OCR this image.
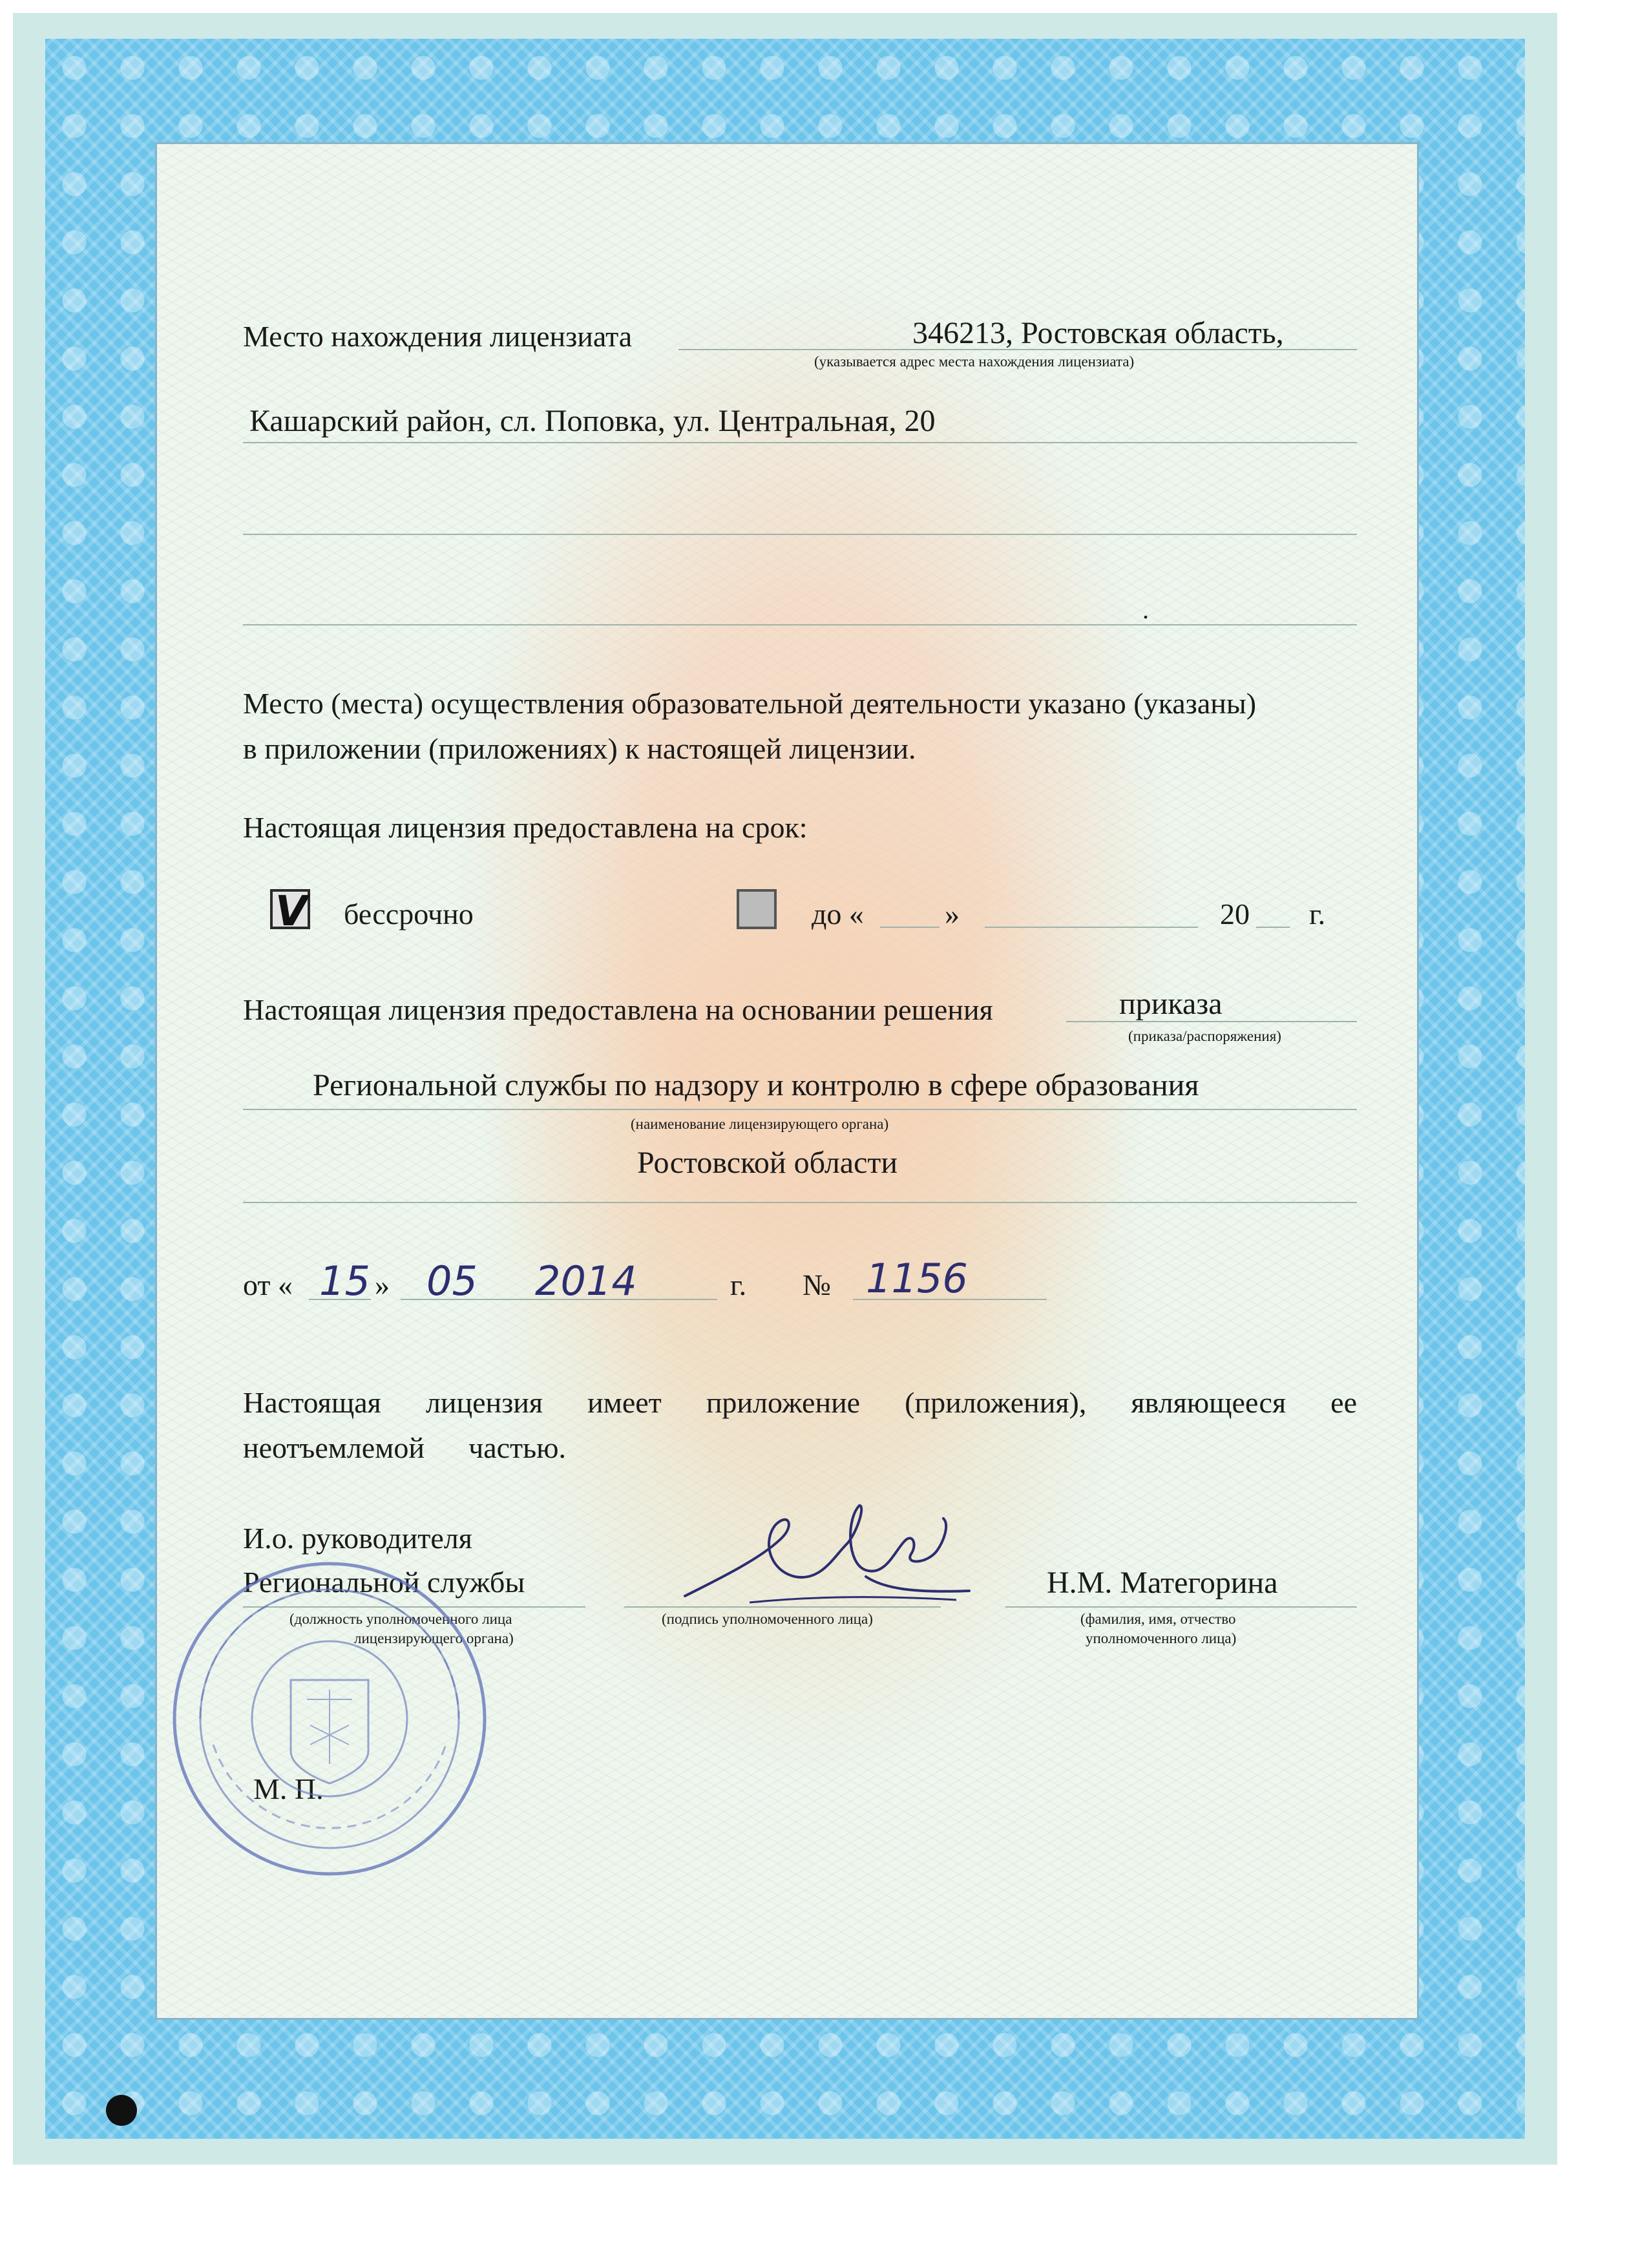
Место нахождения лицензиата	346213, Ростовская область,
(указывается адрес места нахождения лицензиата)
Кашарский район, сл. Поповка, ул. Центральная, 20
.
Место (места) осуществления образовательной деятельности указано (указаны)
в приложении (приложениях) к настоящей лицензии.
Настоящая лицензия предоставлена на срок:
V бессрочно	до «	»	20 г.
Настоящая лицензия предоставлена на основании решения	приказа
(приказа/распоряжения)
Региональной службы по надзору и контролю в сфере образования
(наименование лицензирующего органа)
Ростовской области
от « 15 » 05 2014	г. № 1156
Настоящая лицензия имеет приложение (приложения), являющееся ее
неотъемлемой частью.
И.о. руководителя
Региональной службы
(должность уполномоченного лица
лицензирующего органа)
(подпись уполномоченного лица)
Н.М. Матегорина
(фамилия, имя, отчество
уполномоченного лица)
М. П.
